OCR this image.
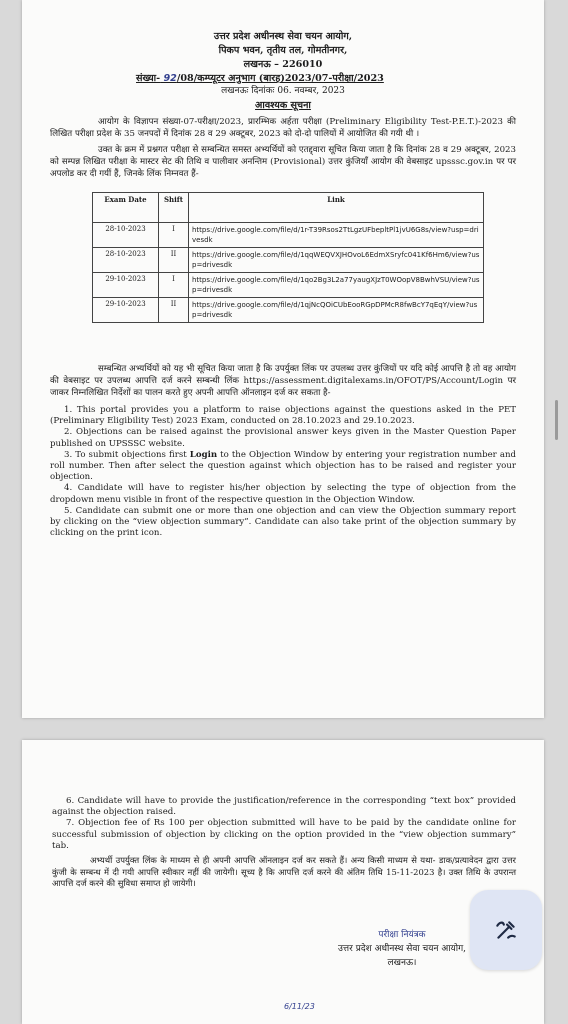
उत्तर प्रदेश अधीनस्थ सेवा चयन आयोग,
पिकप भवन, तृतीय तल, गोमतीनगर,
लखनऊ – 226010
संख्या- 92/08/कम्प्यूटर अनुभाग (बारह)2023/07-परीक्षा/2023
लखनऊः दिनांकः 06. नवम्बर, 2023
आवश्यक सूचना

आयोग के विज्ञापन संख्या-07-परीक्षा/2023, प्रारम्भिक अर्हता परीक्षा (Preliminary Eligibility Test-P.E.T.)-2023 की लिखित परीक्षा प्रदेश के 35 जनपदों में दिनांक 28 व 29 अक्टूबर, 2023 को दो-दो पालियों में आयोजित की गयी थी ।

उक्त के क्रम में प्रश्नगत परीक्षा से सम्बन्धित समस्त अभ्यर्थियों को एतद्द्वारा सूचित किया जाता है कि दिनांक 28 व 29 अक्टूबर, 2023 को सम्पन्न लिखित परीक्षा के मास्टर सेट की तिथि व पालीवार अनन्तिम (Provisional) उत्तर कुंजियाँ आयोग की वेबसाइट upsssc.gov.in पर पर अपलोड कर दी गयीं हैं, जिनके लिंक निम्नवत हैं-

Exam Date	Shift	Link
28-10-2023	I	https://drive.google.com/file/d/1r-T39Rsos2TtLgzUFbepltPl1jvU6G8s/view?usp=drivesdk
28-10-2023	II	https://drive.google.com/file/d/1qqWEQVXJHOvoL6EdmXSryfc041Kf6Hm6/view?usp=drivesdk
29-10-2023	I	https://drive.google.com/file/d/1qo2Bg3L2a77yaugXJzT0WOopV8BwhVSU/view?usp=drivesdk
29-10-2023	II	https://drive.google.com/file/d/1qjNcQOiCUbEooRGpDPMcR8fwBcY7qEqY/view?usp=drivesdk

सम्बन्धित अभ्यर्थियों को यह भी सूचित किया जाता है कि उपर्युक्त लिंक पर उपलब्ध उत्तर कुंजियों पर यदि कोई आपत्ति है तो वह आयोग की वेबसाइट पर उपलब्ध आपत्ति दर्ज करने सम्बन्धी लिंक https://assessment.digitalexams.in/OFOT/PS/Account/Login पर जाकर निम्नलिखित निर्देशों का पालन करते हुए अपनी आपत्ति ऑनलाइन दर्ज कर सकता है-

1. This portal provides you a platform to raise objections against the questions asked in the PET (Preliminary Eligibility Test) 2023 Exam, conducted on 28.10.2023 and 29.10.2023.

2. Objections can be raised against the provisional answer keys given in the Master Question Paper published on UPSSSC website.

3. To submit objections first Login to the Objection Window by entering your registration number and roll number. Then after select the question against which objection has to be raised and register your objection.

4. Candidate will have to register his/her objection by selecting the type of objection from the dropdown menu visible in front of the respective question in the Objection Window.

5. Candidate can submit one or more than one objection and can view the Objection summary report by clicking on the “view objection summary”. Candidate can also take print of the objection summary by clicking on the print icon.

6. Candidate will have to provide the justification/reference in the corresponding “text box” provided against the objection raised.

7. Objection fee of Rs 100 per objection submitted will have to be paid by the candidate online for successful submission of objection by clicking on the option provided in the “view objection summary” tab.

अभ्यर्थी उपर्युक्त लिंक के माध्यम से ही अपनी आपत्ति ऑनलाइन दर्ज कर सकते हैं। अन्य किसी माध्यम से यथा- डाक/प्रत्यावेदन द्वारा उत्तर कुंजी के सम्बन्ध में दी गयी आपत्ति स्वीकार नहीं की जायेगी। सूच्य है कि आपत्ति दर्ज करने की अंतिम तिथि 15-11-2023 है। उक्त तिथि के उपरान्त आपत्ति दर्ज करने की सुविधा समाप्त हो जायेगी।

परीक्षा नियंत्रक
उत्तर प्रदेश अधीनस्थ सेवा चयन आयोग,
लखनऊ।
6/11/23
